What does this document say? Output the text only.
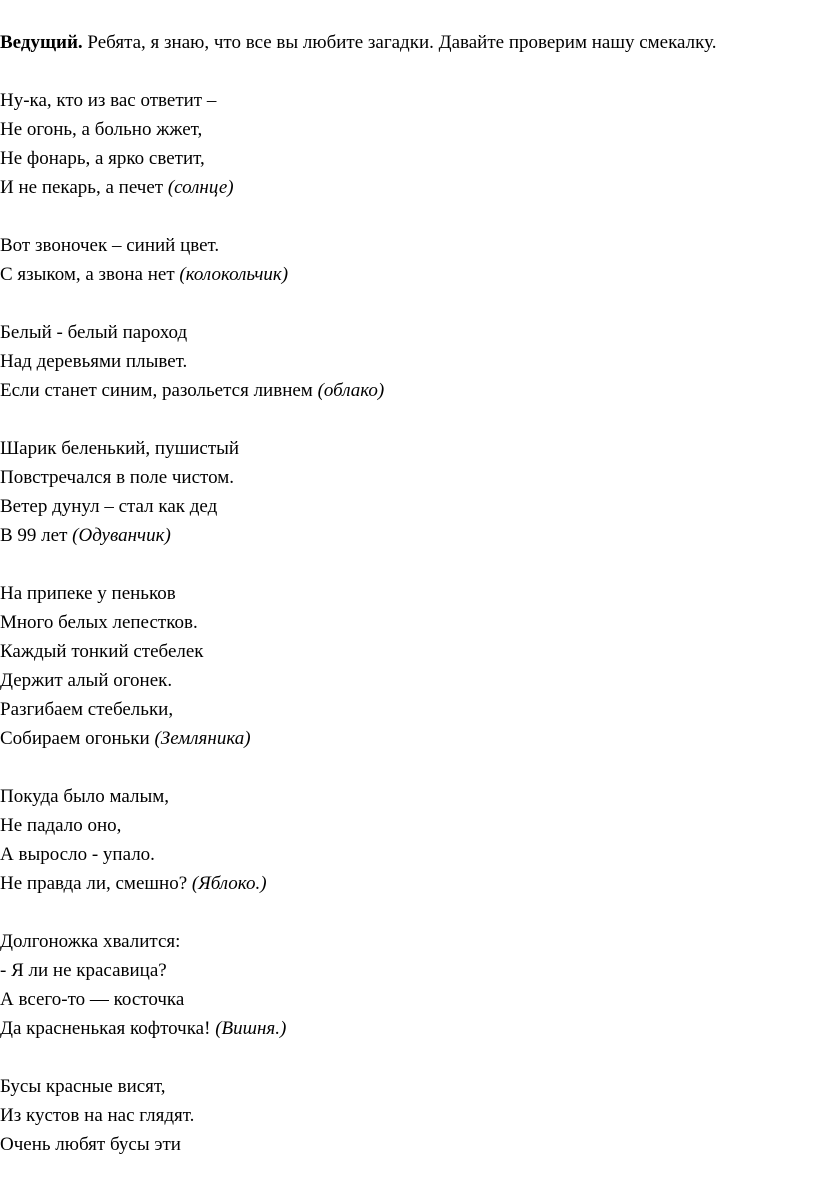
Ведущий. Ребята, я знаю, что все вы любите загадки. Давайте проверим нашу смекалку.

Ну-ка, кто из вас ответит –
Не огонь, а больно жжет,
Не фонарь, а ярко светит,
И не пекарь, а печет (солнце)
Вот звоночек – синий цвет.
С языком, а звона нет (колокольчик)
Белый - белый пароход
Над деревьями плывет.
Если станет синим, разольется ливнем (облако)
Шарик беленький, пушистый
Повстречался в поле чистом.
Ветер дунул – стал как дед
В 99 лет (Одуванчик)
На припеке у пеньков
Много белых лепестков.
Каждый тонкий стебелек
Держит алый огонек.
Разгибаем стебельки,
Собираем огоньки (Земляника)
Покуда было малым,
Не падало оно,
А выросло - упало.
Не правда ли, смешно? (Яблоко.)
Долгоножка хвалится:
- Я ли не красавица?
А всего-то — косточка
Да красненькая кофточка! (Вишня.)
Бусы красные висят,
Из кустов на нас глядят.
Очень любят бусы эти
